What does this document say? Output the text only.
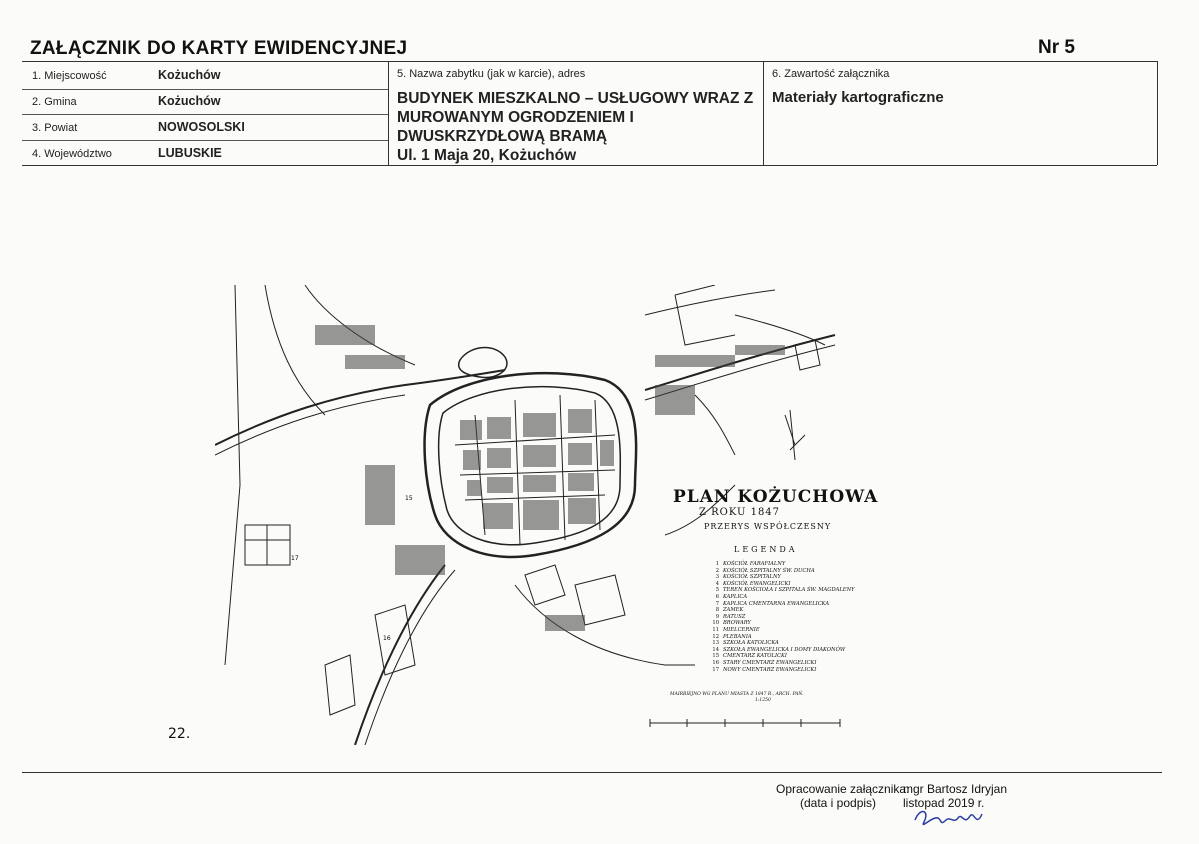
ZAŁĄCZNIK DO KARTY EWIDENCYJNEJ	Nr 5
1. Miejscowość	Kożuchów
2. Gmina	Kożuchów
3. Powiat	NOWOSOLSKI
4. Województwo	LUBUSKIE
5. Nazwa zabytku (jak w karcie), adres
BUDYNEK MIESZKALNO – USŁUGOWY WRAZ Z MUROWANYM OGRODZENIEM I DWUSKRZYDŁOWĄ BRAMĄ
Ul. 1 Maja 20, Kożuchów
6. Zawartość załącznika
Materiały kartograficzne
15
16
17
PLAN KOŻUCHOWA
Z ROKU 1847
PRZERYS WSPÓŁCZESNY
LEGENDA
1 KOŚCIÓŁ FARAFIALNY
2 KOŚCIÓŁ SZPITALNY ŚW. DUCHA
3 KOŚCIÓŁ SZPITALNY
4 KOŚCIÓŁ EWANGELICKI
5 TEREN KOŚCIOŁA I SZPITALA ŚW. MAGDALENY
6 KAPLICA
7 KAPLICA CMENTARNA EWANGELICKA
8 ZAMEK
9 RATUSZ
10 BROWARY
11 MIELCERNIE
12 PLEBANIA
13 SZKOŁA KATOLICKA
14 SZKOŁA EWANGELICKA I DOMY DIAKONÓW
15 CMENTARZ KATOLICKI
16 STARY CMENTARZ EWANGELICKI
17 NOWY CMENTARZ EWANGELICKI
MAIRBIEJNO WG PLANU MIASTA Z 1847 R., ARCH. PAŃ.
1:1250
22.
Opracowanie załącznika:
(data i podpis)
mgr Bartosz Idryjan
listopad 2019 r.
